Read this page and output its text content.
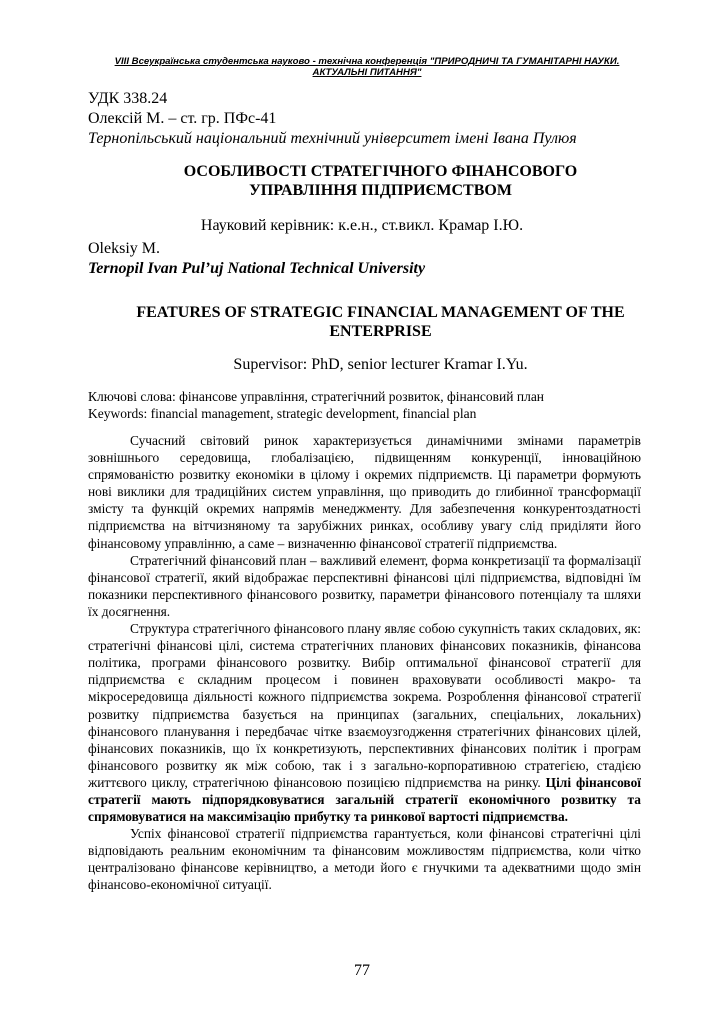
VIII Всеукраїнська студентська науково - технічна конференція "ПРИРОДНИЧІ ТА ГУМАНІТАРНІ НАУКИ.
АКТУАЛЬНІ ПИТАННЯ"
УДК 338.24
Олексій М. – ст. гр. ПФс-41
Тернопільський національний технічний університет імені Івана Пулюя
ОСОБЛИВОСТІ СТРАТЕГІЧНОГО ФІНАНСОВОГО
УПРАВЛІННЯ ПІДПРИЄМСТВОМ
Науковий керівник: к.е.н., ст.викл. Крамар І.Ю.
Oleksiy M.
Ternopil Ivan Pul’uj National Technical University
FEATURES OF STRATEGIC FINANCIAL MANAGEMENT OF THE
ENTERPRISE
Supervisor: PhD, senior lecturer Kramar I.Yu.
Ключові слова: фінансове управління, стратегічний розвиток, фінансовий план
Keywords: financial management, strategic development, financial plan

Сучасний світовий ринок характеризується динамічними змінами параметрів зовнішнього середовища, глобалізацією, підвищенням конкуренції, інноваційною спрямованістю розвитку економіки в цілому і окремих підприємств. Ці параметри формують нові виклики для традиційних систем управління, що приводить до глибинної трансформації змісту та функцій окремих напрямів менеджменту. Для забезпечення конкурентоздатності підприємства на вітчизняному та зарубіжних ринках, особливу увагу слід приділяти його фінансовому управлінню, а саме – визначенню фінансової стратегії підприємства.

Стратегічний фінансовий план – важливий елемент, форма конкретизації та формалізації фінансової стратегії, який відображає перспективні фінансові цілі підприємства, відповідні їм показники перспективного фінансового розвитку, параметри фінансового потенціалу та шляхи їх досягнення.

Структура стратегічного фінансового плану являє собою сукупність таких складових, як: стратегічні фінансові цілі, система стратегічних планових фінансових показників, фінансова політика, програми фінансового розвитку. Вибір оптимальної фінансової стратегії для підприємства є складним процесом і повинен враховувати особливості макро- та мікросередовища діяльності кожного підприємства зокрема. Розроблення фінансової стратегії розвитку підприємства базується на принципах (загальних, спеціальних, локальних) фінансового планування і передбачає чітке взаємоузгодження стратегічних фінансових цілей, фінансових показників, що їх конкретизують, перспективних фінансових політик і програм фінансового розвитку як між собою, так і з загально-корпоративною стратегією, стадією життєвого циклу, стратегічною фінансовою позицією підприємства на ринку. Цілі фінансової стратегії мають підпорядковуватися загальній стратегії економічного розвитку та спрямовуватися на максимізацію прибутку та ринкової вартості підприємства.

Успіх фінансової стратегії підприємства гарантується, коли фінансові стратегічні цілі відповідають реальним економічним та фінансовим можливостям підприємства, коли чітко централізовано фінансове керівництво, а методи його є гнучкими та адекватними щодо змін фінансово-економічної ситуації.

77
